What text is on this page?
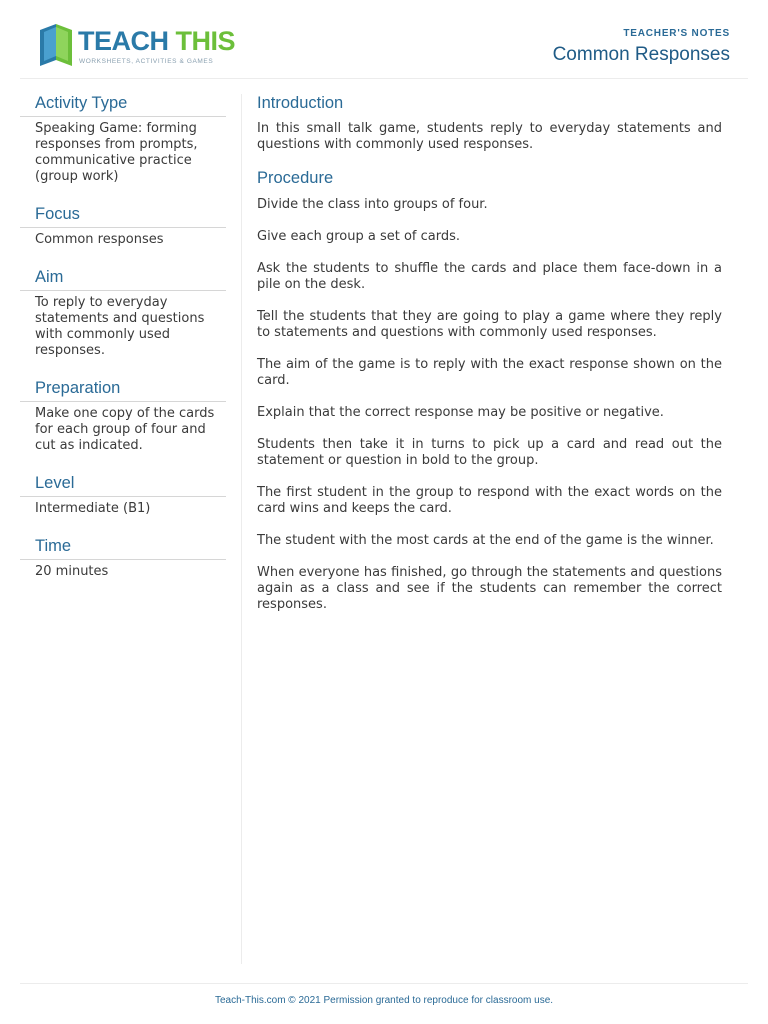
TEACH THIS
WORKSHEETS, ACTIVITIES & GAMES
TEACHER'S NOTES
Common Responses
Activity Type
Speaking Game: forming responses from prompts, communicative practice (group work)
Focus
Common responses
Aim
To reply to everyday statements and questions with commonly used responses.
Preparation
Make one copy of the cards for each group of four and cut as indicated.
Level
Intermediate (B1)
Time
20 minutes
Introduction
In this small talk game, students reply to everyday statements and questions with commonly used responses.
Procedure
Divide the class into groups of four.
Give each group a set of cards.
Ask the students to shuffle the cards and place them face-down in a pile on the desk.
Tell the students that they are going to play a game where they reply to statements and questions with commonly used responses.
The aim of the game is to reply with the exact response shown on the card.
Explain that the correct response may be positive or negative.
Students then take it in turns to pick up a card and read out the statement or question in bold to the group.
The first student in the group to respond with the exact words on the card wins and keeps the card.
The student with the most cards at the end of the game is the winner.
When everyone has finished, go through the statements and questions again as a class and see if the students can remember the correct responses.
Teach-This.com © 2021 Permission granted to reproduce for classroom use.
